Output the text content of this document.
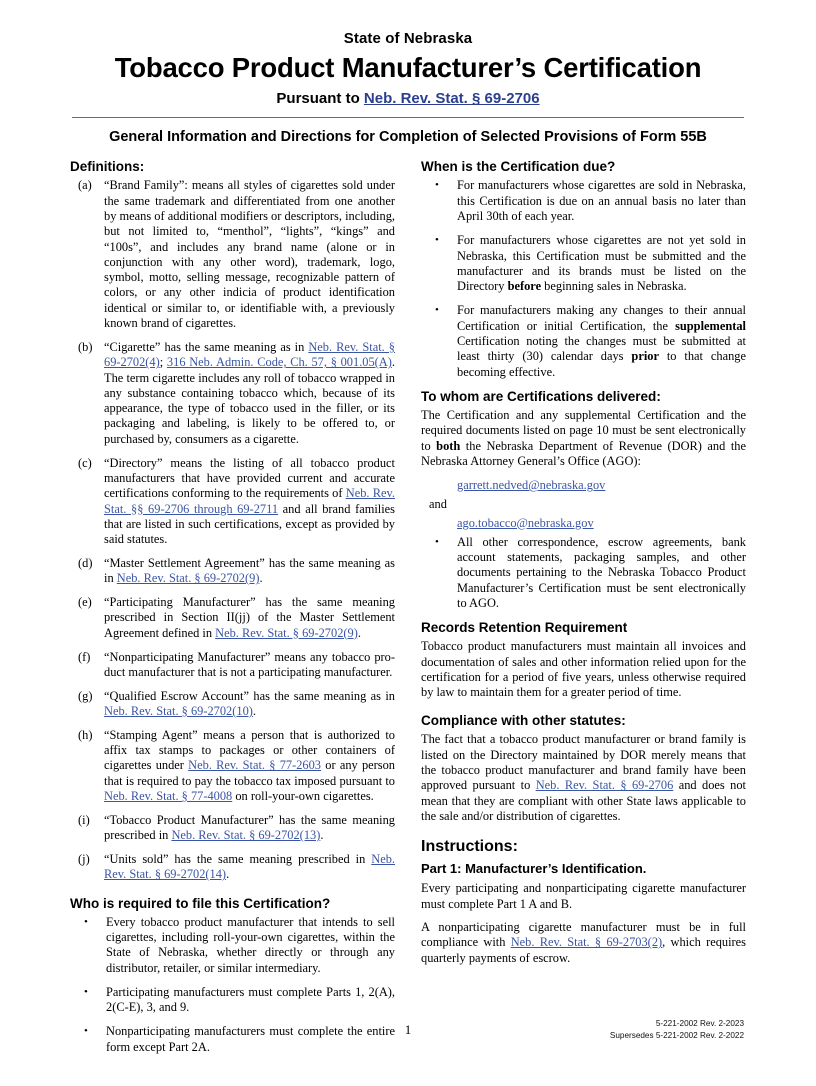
State of Nebraska
Tobacco Product Manufacturer’s Certification
Pursuant to Neb. Rev. Stat. § 69-2706
General Information and Directions for Completion of Selected Provisions of Form 55B
Definitions:
(a) “Brand Family”: means all styles of cigarettes sold under the same trademark and differentiated from one another by means of additional modifiers or descriptors, including, but not limited to, “menthol”, “lights”, “kings” and “100s”, and includes any brand name (alone or in conjunction with any other word), trademark, logo, symbol, motto, selling message, recognizable pattern of colors, or any other indicia of product identification identical or similar to, or identifiable with, a previously known brand of cigarettes.
(b) “Cigarette” has the same meaning as in Neb. Rev. Stat. § 69-2702(4); 316 Neb. Admin. Code, Ch. 57, § 001.05(A). The term cigarette includes any roll of tobacco wrapped in any substance containing tobacco which, because of its appearance, the type of tobacco used in the filler, or its packaging and labeling, is likely to be offered to, or purchased by, consumers as a cigarette.
(c) “Directory” means the listing of all tobacco product manufacturers that have provided current and accurate certifications conforming to the requirements of Neb. Rev. Stat. §§ 69-2706 through 69-2711 and all brand families that are listed in such certifications, except as provided by said statutes.
(d) “Master Settlement Agreement” has the same meaning as in Neb. Rev. Stat. § 69-2702(9).
(e) “Participating Manufacturer” has the same meaning prescribed in Section II(jj) of the Master Settlement Agreement defined in Neb. Rev. Stat. § 69-2702(9).
(f)	“Nonparticipating Manufacturer” means any tobacco pro-duct manufacturer that is not a participating manufacturer.
(g) “Qualified Escrow Account” has the same meaning as in Neb. Rev. Stat. § 69-2702(10).
(h) “Stamping Agent” means a person that is authorized to affix tax stamps to packages or other containers of cigarettes under Neb. Rev. Stat. § 77-2603 or any person that is required to pay the tobacco tax imposed pursuant to Neb. Rev. Stat. § 77-4008 on roll-your-own cigarettes.
(i)	“Tobacco Product Manufacturer” has the same meaning prescribed in Neb. Rev. Stat. § 69-2702(13).
(j)	“Units sold” has the same meaning prescribed in Neb. Rev. Stat. § 69-2702(14).
Who is required to file this Certification?
•	Every tobacco product manufacturer that intends to sell cigarettes, including roll-your-own cigarettes, within the State of Nebraska, whether directly or through any distributor, retailer, or similar intermediary.
•	Participating manufacturers must complete Parts 1, 2(A), 2(C-E), 3, and 9.
•	Nonparticipating manufacturers must complete the entire form except Part 2A.
When is the Certification due?
•	For manufacturers whose cigarettes are sold in Nebraska, this Certification is due on an annual basis no later than April 30th of each year.
•	For manufacturers whose cigarettes are not yet sold in Nebraska, this Certification must be submitted and the manufacturer and its brands must be listed on the Directory before beginning sales in Nebraska.
•	For manufacturers making any changes to their annual Certification or initial Certification, the supplemental Certification noting the changes must be submitted at least thirty (30) calendar days prior to that change becoming effective.
To whom are Certifications delivered:

The Certification and any supplemental Certification and the required documents listed on page 10 must be sent electronically to both the Nebraska Department of Revenue (DOR) and the Nebraska Attorney General’s Office (AGO):

garrett.nedved@nebraska.gov
and
ago.tobacco@nebraska.gov
•	All other correspondence, escrow agreements, bank account statements, packaging samples, and other documents pertaining to the Nebraska Tobacco Product Manufacturer’s Certification must be sent electronically to AGO.
Records Retention Requirement

Tobacco product manufacturers must maintain all invoices and documentation of sales and other information relied upon for the certification for a period of five years, unless otherwise required by law to maintain them for a greater period of time.

Compliance with other statutes:

The fact that a tobacco product manufacturer or brand family is listed on the Directory maintained by DOR merely means that the tobacco product manufacturer and brand family have been approved pursuant to Neb. Rev. Stat. § 69-2706 and does not mean that they are compliant with other State laws applicable to the sale and/or distribution of cigarettes.

Instructions:
Part 1: Manufacturer’s Identification.

Every participating and nonparticipating cigarette manufacturer must complete Part 1 A and B.

A nonparticipating cigarette manufacturer must be in full compliance with Neb. Rev. Stat. § 69-2703(2), which requires quarterly payments of escrow.

1	5-221-2002 Rev. 2-2023
Supersedes 5-221-2002 Rev. 2-2022
